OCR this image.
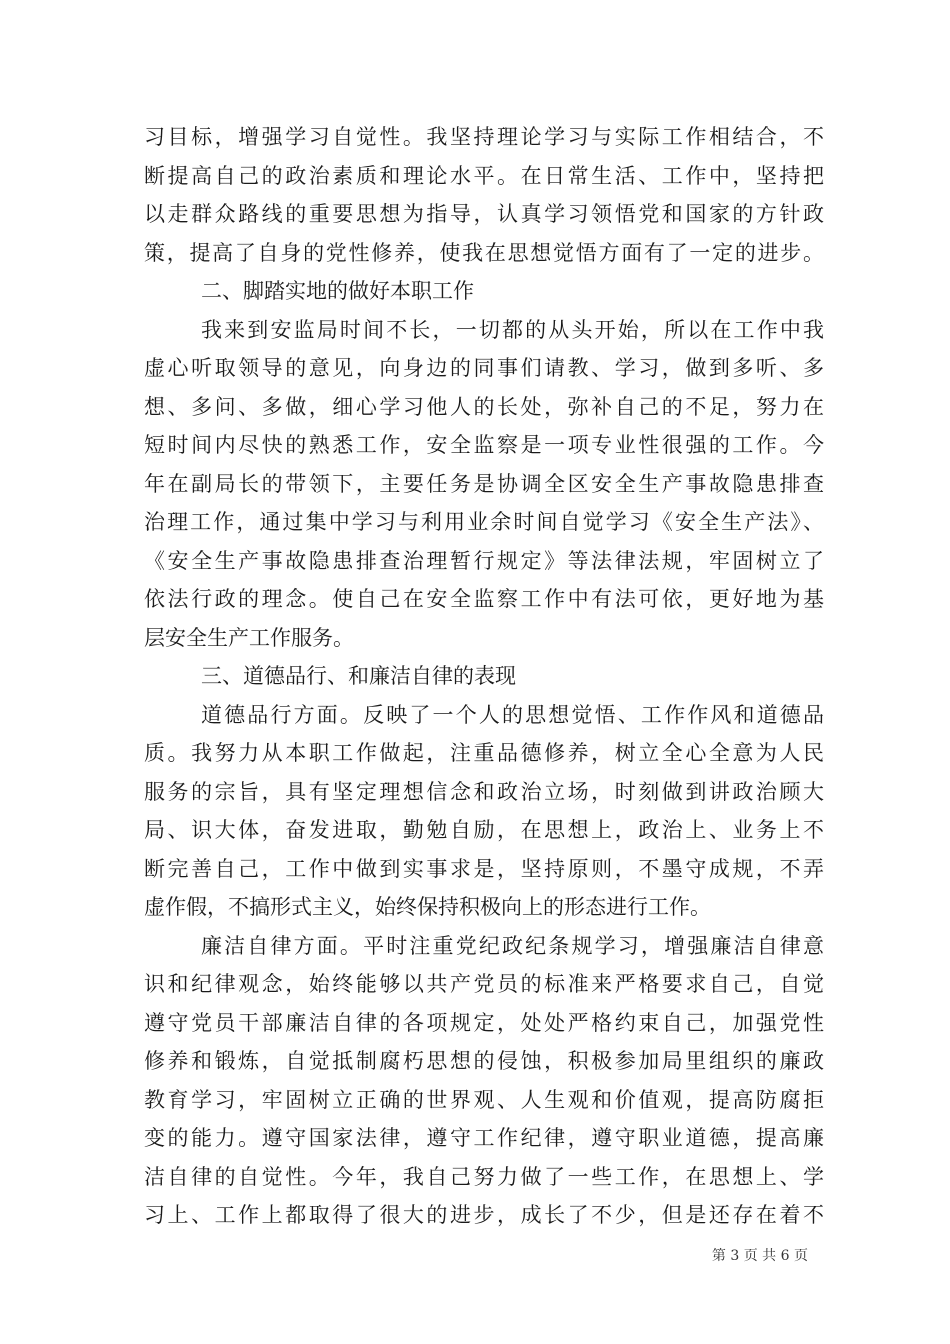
习目标，增强学习自觉性。我坚持理论学习与实际工作相结合，不
断提高自己的政治素质和理论水平。在日常生活、工作中，坚持把
以走群众路线的重要思想为指导，认真学习领悟党和国家的方针政
策，提高了自身的党性修养，使我在思想觉悟方面有了一定的进步。
二、脚踏实地的做好本职工作
我来到安监局时间不长，一切都的从头开始，所以在工作中我
虚心听取领导的意见，向身边的同事们请教、学习，做到多听、多
想、多问、多做，细心学习他人的长处，弥补自己的不足，努力在
短时间内尽快的熟悉工作，安全监察是一项专业性很强的工作。今
年在副局长的带领下，主要任务是协调全区安全生产事故隐患排查
治理工作，通过集中学习与利用业余时间自觉学习《安全生产法》、
《安全生产事故隐患排查治理暂行规定》等法律法规，牢固树立了
依法行政的理念。使自己在安全监察工作中有法可依，更好地为基
层安全生产工作服务。
三、道德品行、和廉洁自律的表现
道德品行方面。反映了一个人的思想觉悟、工作作风和道德品
质。我努力从本职工作做起，注重品德修养，树立全心全意为人民
服务的宗旨，具有坚定理想信念和政治立场，时刻做到讲政治顾大
局、识大体，奋发进取，勤勉自励，在思想上，政治上、业务上不
断完善自己，工作中做到实事求是，坚持原则，不墨守成规，不弄
虚作假，不搞形式主义，始终保持积极向上的形态进行工作。
廉洁自律方面。平时注重党纪政纪条规学习，增强廉洁自律意
识和纪律观念，始终能够以共产党员的标准来严格要求自己，自觉
遵守党员干部廉洁自律的各项规定，处处严格约束自己，加强党性
修养和锻炼，自觉抵制腐朽思想的侵蚀，积极参加局里组织的廉政
教育学习，牢固树立正确的世界观、人生观和价值观，提高防腐拒
变的能力。遵守国家法律，遵守工作纪律，遵守职业道德，提高廉
洁自律的自觉性。今年，我自己努力做了一些工作，在思想上、学
习上、工作上都取得了很大的进步，成长了不少，但是还存在着不
第 3 页 共 6 页
